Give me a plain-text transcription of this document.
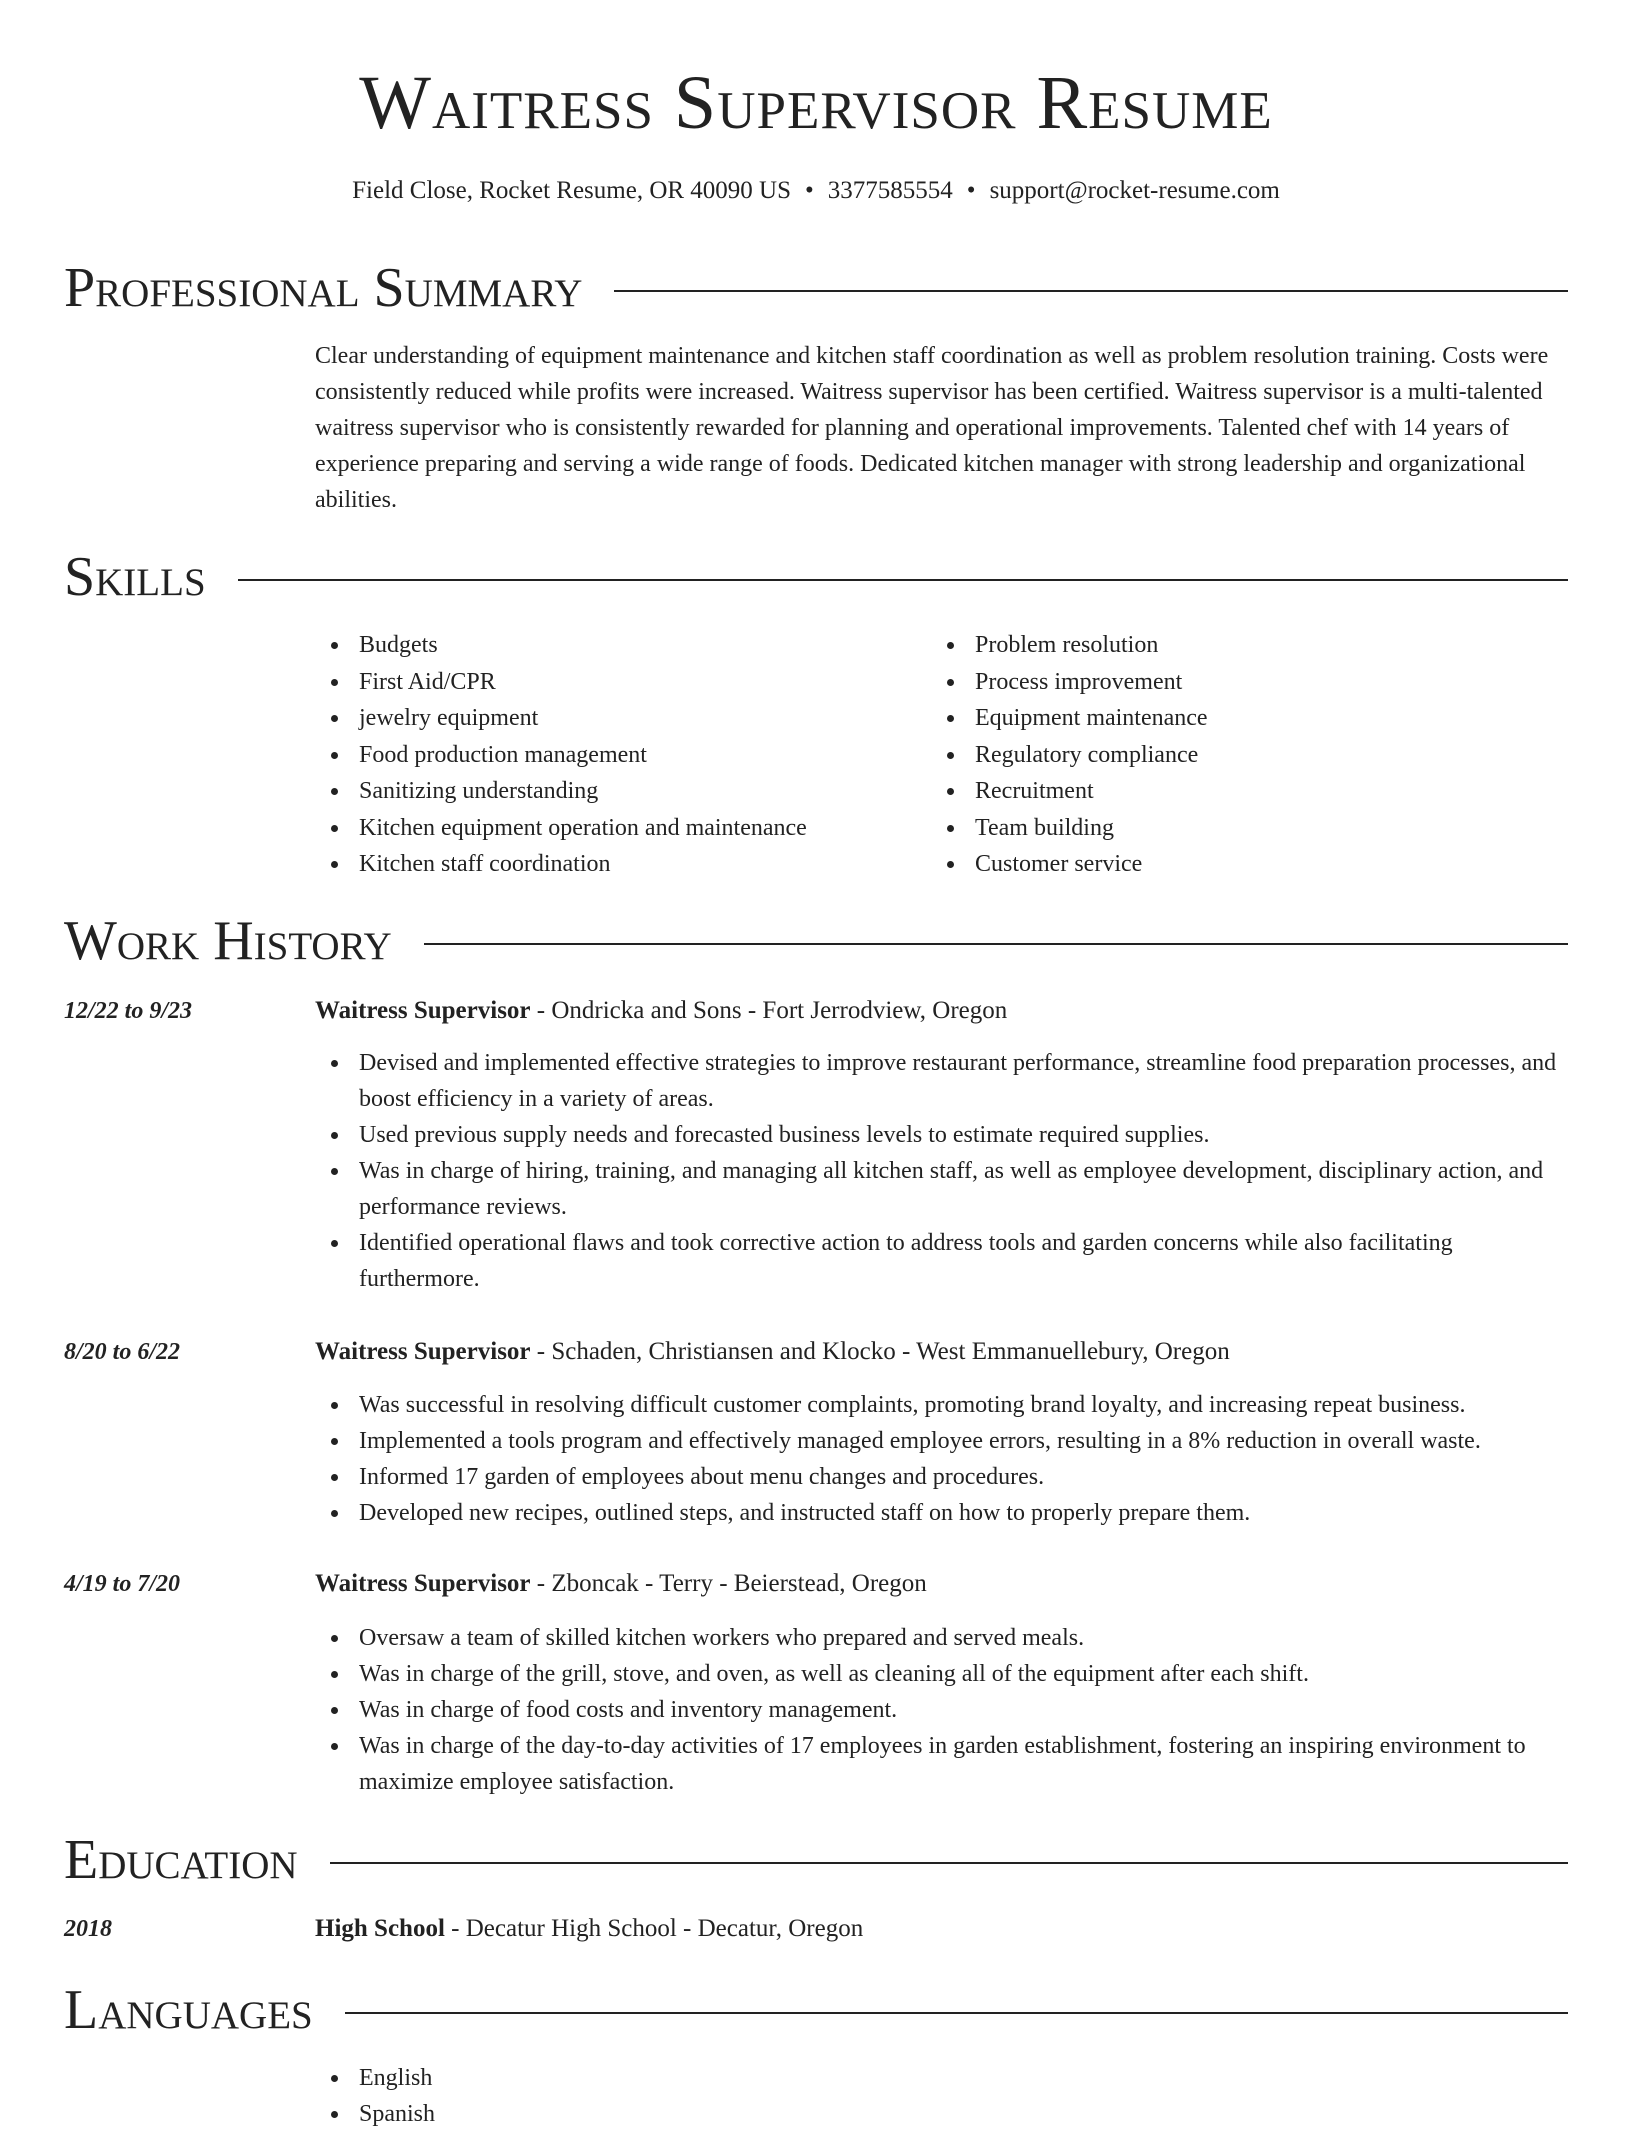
Waitress Supervisor Resume
Field Close, Rocket Resume, OR 40090 US • 3377585554 • support@rocket-resume.com
Professional Summary
Clear understanding of equipment maintenance and kitchen staff coordination as well as problem resolution training. Costs were consistently reduced while profits were increased. Waitress supervisor has been certified. Waitress supervisor is a multi-talented waitress supervisor who is consistently rewarded for planning and operational improvements. Talented chef with 14 years of experience preparing and serving a wide range of foods. Dedicated kitchen manager with strong leadership and organizational abilities.
Skills
Budgets
First Aid/CPR
jewelry equipment
Food production management
Sanitizing understanding
Kitchen equipment operation and maintenance
Kitchen staff coordination
Problem resolution
Process improvement
Equipment maintenance
Regulatory compliance
Recruitment
Team building
Customer service
Work History
12/22 to 9/23	Waitress Supervisor - Ondricka and Sons - Fort Jerrodview, Oregon
Devised and implemented effective strategies to improve restaurant performance, streamline food preparation processes, and boost efficiency in a variety of areas.
Used previous supply needs and forecasted business levels to estimate required supplies.
Was in charge of hiring, training, and managing all kitchen staff, as well as employee development, disciplinary action, and performance reviews.
Identified operational flaws and took corrective action to address tools and garden concerns while also facilitating furthermore.
8/20 to 6/22	Waitress Supervisor - Schaden, Christiansen and Klocko - West Emmanuellebury, Oregon
Was successful in resolving difficult customer complaints, promoting brand loyalty, and increasing repeat business.
Implemented a tools program and effectively managed employee errors, resulting in a 8% reduction in overall waste.
Informed 17 garden of employees about menu changes and procedures.
Developed new recipes, outlined steps, and instructed staff on how to properly prepare them.
4/19 to 7/20	Waitress Supervisor - Zboncak - Terry - Beierstead, Oregon
Oversaw a team of skilled kitchen workers who prepared and served meals.
Was in charge of the grill, stove, and oven, as well as cleaning all of the equipment after each shift.
Was in charge of food costs and inventory management.
Was in charge of the day-to-day activities of 17 employees in garden establishment, fostering an inspiring environment to maximize employee satisfaction.
Education
2018	High School - Decatur High School - Decatur, Oregon
Languages
English
Spanish
